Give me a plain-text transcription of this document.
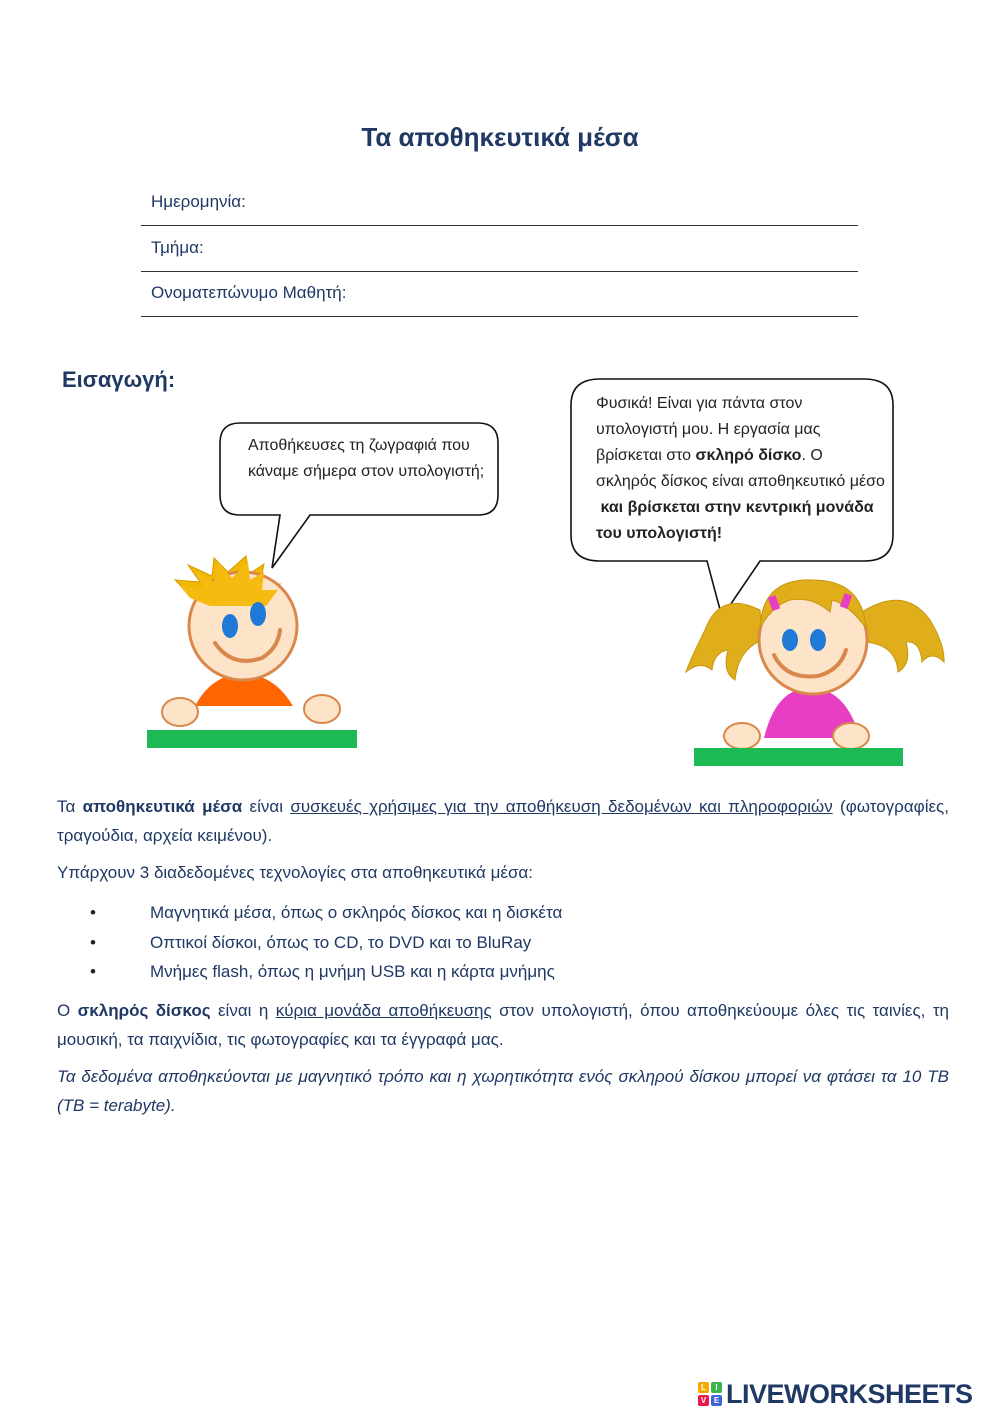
Τα αποθηκευτικά μέσα
Ημερομηνία:
Τμήμα:
Ονοματεπώνυμο Μαθητή:
Εισαγωγή:
Αποθήκευσες τη ζωγραφιά που κάναμε σήμερα στον υπολογιστή;
Φυσικά! Είναι για πάντα στον υπολογιστή μου. Η εργασία μας βρίσκεται στο σκληρό δίσκο. Ο σκληρός δίσκος είναι αποθηκευτικό μέσο  και βρίσκεται στην κεντρική μονάδα του υπολογιστή!
Τα αποθηκευτικά μέσα είναι συσκευές χρήσιμες για την αποθήκευση δεδομένων και πληροφοριών (φωτογραφίες, τραγούδια, αρχεία κειμένου).
Υπάρχουν 3 διαδεδομένες τεχνολογίες στα αποθηκευτικά μέσα:
•	Μαγνητικά μέσα, όπως ο σκληρός δίσκος και η δισκέτα
•	Οπτικοί δίσκοι, όπως το CD, το DVD και το BluRay
•	Μνήμες flash, όπως η μνήμη USB και η κάρτα μνήμης
Ο σκληρός δίσκος είναι η κύρια μονάδα αποθήκευσης στον υπολογιστή, όπου αποθηκεύουμε όλες τις ταινίες, τη μουσική, τα παιχνίδια, τις φωτογραφίες και τα έγγραφά μας.
Τα δεδομένα αποθηκεύονται με μαγνητικό τρόπο και η χωρητικότητα ενός σκληρού δίσκου μπορεί να φτάσει τα 10 TB (TB = terabyte).
L	I
V E LIVEWORKSHEETS
